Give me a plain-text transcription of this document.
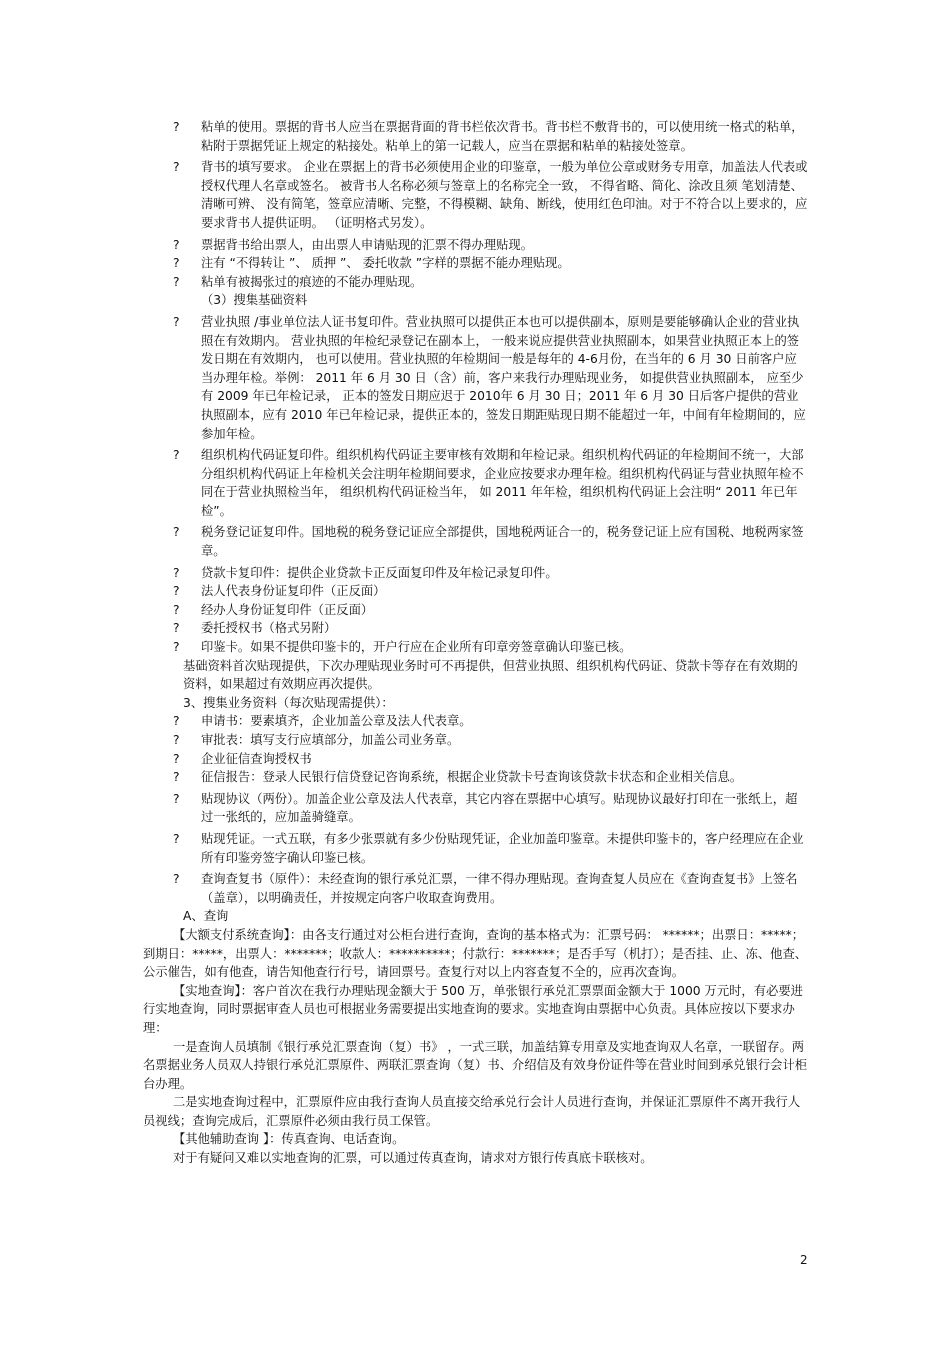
? 粘单的使用。票据的背书人应当在票据背面的背书栏依次背书。背书栏不敷背书的，可以使用统一格式的粘单，粘附于票据凭证上规定的粘接处。粘单上的第一记载人，应当在票据和粘单的粘接处签章。
? 背书的填写要求。 企业在票据上的背书必须使用企业的印鉴章，一般为单位公章或财务专用章，加盖法人代表或授权代理人名章或签名。 被背书人名称必须与签章上的名称完全一致， 不得省略、简化、涂改且须 笔划清楚、 清晰可辨、 没有简笔，签章应清晰、完整，不得模糊、缺角、断线，使用红色印油。对于不符合以上要求的，应要求背书人提供证明。 （证明格式另发）。
? 票据背书给出票人，由出票人申请贴现的汇票不得办理贴现。
? 注有 “不得转让 ”、 质押 ”、 委托收款 ”字样的票据不能办理贴现。
? 粘单有被揭张过的痕迹的不能办理贴现。
（3）搜集基础资料
? 营业执照 /事业单位法人证书复印件。营业执照可以提供正本也可以提供副本，原则是要能够确认企业的营业执照在有效期内。 营业执照的年检纪录登记在副本上， 一般来说应提供营业执照副本，如果营业执照正本上的签发日期在有效期内， 也可以使用。营业执照的年检期间一般是每年的 4-6月份，在当年的 6 月 30 日前客户应当办理年检。举例： 2011 年 6 月 30 日（含）前，客户来我行办理贴现业务， 如提供营业执照副本， 应至少有 2009 年已年检记录， 正本的签发日期应迟于 2010年 6 月 30 日；2011 年 6 月 30 日后客户提供的营业执照副本，应有 2010 年已年检记录，提供正本的，签发日期距贴现日期不能超过一年，中间有年检期间的，应参加年检。
? 组织机构代码证复印件。组织机构代码证主要审核有效期和年检记录。组织机构代码证的年检期间不统一，大部分组织机构代码证上年检机关会注明年检期间要求，企业应按要求办理年检。组织机构代码证与营业执照年检不同在于营业执照检当年， 组织机构代码证检当年， 如 2011 年年检，组织机构代码证上会注明“ 2011 年已年检”。
? 税务登记证复印件。国地税的税务登记证应全部提供，国地税两证合一的，税务登记证上应有国税、地税两家签章。
? 贷款卡复印件：提供企业贷款卡正反面复印件及年检记录复印件。
? 法人代表身份证复印件（正反面）
? 经办人身份证复印件（正反面）
? 委托授权书（格式另附）
? 印鉴卡。如果不提供印鉴卡的，开户行应在企业所有印章旁签章确认印鉴已核。
基础资料首次贴现提供，下次办理贴现业务时可不再提供，但营业执照、组织机构代码证、贷款卡等存在有效期的资料，如果超过有效期应再次提供。
3、搜集业务资料（每次贴现需提供）：
? 申请书：要素填齐，企业加盖公章及法人代表章。
? 审批表：填写支行应填部分，加盖公司业务章。
? 企业征信查询授权书
? 征信报告：登录人民银行信贷登记咨询系统，根据企业贷款卡号查询该贷款卡状态和企业相关信息。
? 贴现协议（两份）。加盖企业公章及法人代表章，其它内容在票据中心填写。贴现协议最好打印在一张纸上，超过一张纸的，应加盖骑缝章。
? 贴现凭证。一式五联，有多少张票就有多少份贴现凭证，企业加盖印鉴章。未提供印鉴卡的，客户经理应在企业所有印鉴旁签字确认印鉴已核。
? 查询查复书（原件）：未经查询的银行承兑汇票，一律不得办理贴现。查询查复人员应在《查询查复书》上签名（盖章），以明确责任，并按规定向客户收取查询费用。
A、查询

【大额支付系统查询】：由各支行通过对公柜台进行查询，查询的基本格式为：汇票号码： ******；出票日：*****；到期日：*****，出票人：*******；收款人：**********；付款行：*******；是否手写（机打）；是否挂、止、冻、他查、公示催告，如有他查，请告知他查行行号，请回票号。查复行对以上内容查复不全的，应再次查询。

【实地查询】：客户首次在我行办理贴现金额大于 500 万，单张银行承兑汇票票面金额大于 1000 万元时，有必要进行实地查询，同时票据审查人员也可根据业务需要提出实地查询的要求。实地查询由票据中心负责。具体应按以下要求办理：

一是查询人员填制《银行承兑汇票查询（复）书》 ，一式三联，加盖结算专用章及实地查询双人名章，一联留存。两名票据业务人员双人持银行承兑汇票原件、两联汇票查询（复）书、介绍信及有效身份证件等在营业时间到承兑银行会计柜台办理。

二是实地查询过程中，汇票原件应由我行查询人员直接交给承兑行会计人员进行查询，并保证汇票原件不离开我行人员视线；查询完成后，汇票原件必须由我行员工保管。

【其他辅助查询 】：传真查询、电话查询。

对于有疑问又难以实地查询的汇票，可以通过传真查询，请求对方银行传真底卡联核对。

2
